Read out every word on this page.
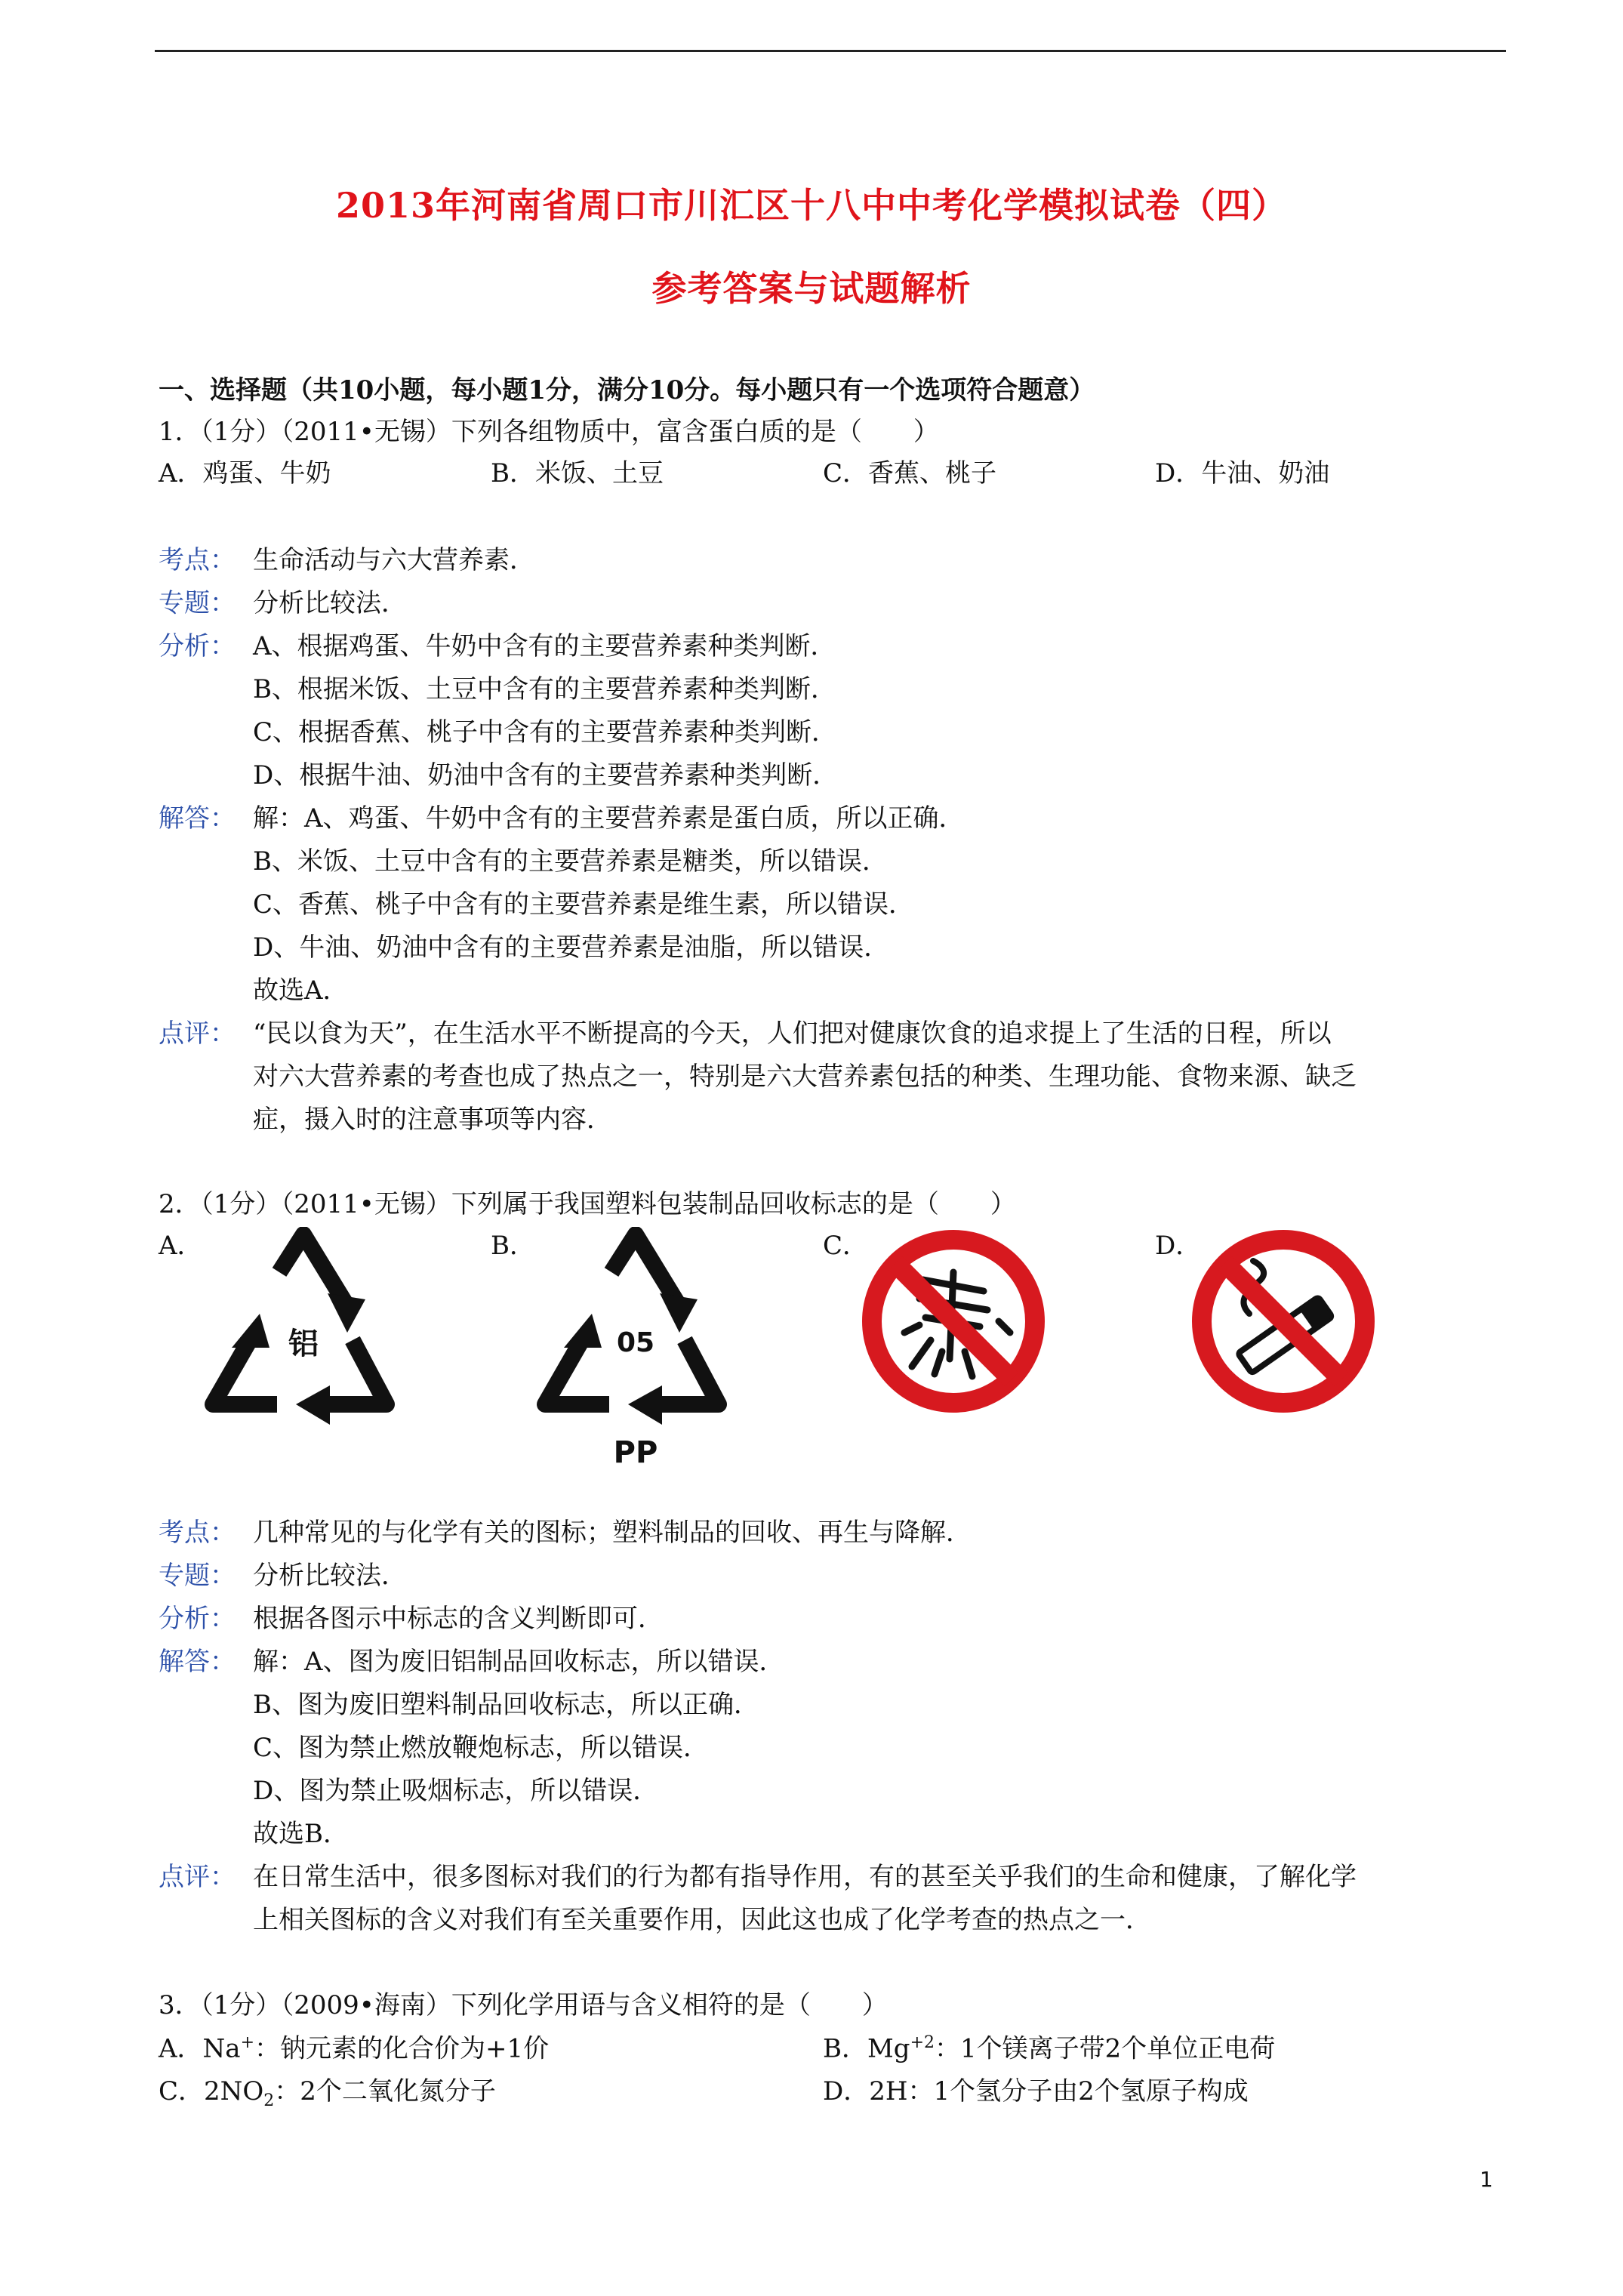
2013年河南省周口市川汇区十八中中考化学模拟试卷（四）
参考答案与试题解析
一、选择题（共10小题，每小题1分，满分10分。每小题只有一个选项符合题意）
1．（1分）（2011•无锡）下列各组物质中，富含蛋白质的是（　　）
A．鸡蛋、牛奶	B．米饭、土豆	C．香蕉、桃子	D．牛油、奶油
考点： 生命活动与六大营养素．
专题： 分析比较法．
分析： A、根据鸡蛋、牛奶中含有的主要营养素种类判断．
B、根据米饭、土豆中含有的主要营养素种类判断．
C、根据香蕉、桃子中含有的主要营养素种类判断．
D、根据牛油、奶油中含有的主要营养素种类判断．
解答： 解：A、鸡蛋、牛奶中含有的主要营养素是蛋白质，所以正确．
B、米饭、土豆中含有的主要营养素是糖类，所以错误．
C、香蕉、桃子中含有的主要营养素是维生素，所以错误．
D、牛油、奶油中含有的主要营养素是油脂，所以错误．
故选A．
点评： “民以食为天”，在生活水平不断提高的今天，人们把对健康饮食的追求提上了生活的日程，所以
对六大营养素的考查也成了热点之一，特别是六大营养素包括的种类、生理功能、食物来源、缺乏
症，摄入时的注意事项等内容．
2．（1分）（2011•无锡）下列属于我国塑料包装制品回收标志的是（　　）
A．	B．	C．	D．
铝	05
PP
考点： 几种常见的与化学有关的图标；塑料制品的回收、再生与降解．
专题： 分析比较法．
分析： 根据各图示中标志的含义判断即可．
解答： 解：A、图为废旧铝制品回收标志，所以错误．
B、图为废旧塑料制品回收标志，所以正确．
C、图为禁止燃放鞭炮标志，所以错误．
D、图为禁止吸烟标志，所以错误．
故选B．
点评： 在日常生活中，很多图标对我们的行为都有指导作用，有的甚至关乎我们的生命和健康，了解化学
上相关图标的含义对我们有至关重要作用，因此这也成了化学考查的热点之一．
3．（1分）（2009•海南）下列化学用语与含义相符的是（　　）
A．Na+：钠元素的化合价为+1价	B．$Mg^{+2}$：1个镁离子带2个单位正电荷
C．$2NO_2$：2个二氧化氮分子	D．2H：1个氢分子由2个氢原子构成
1
